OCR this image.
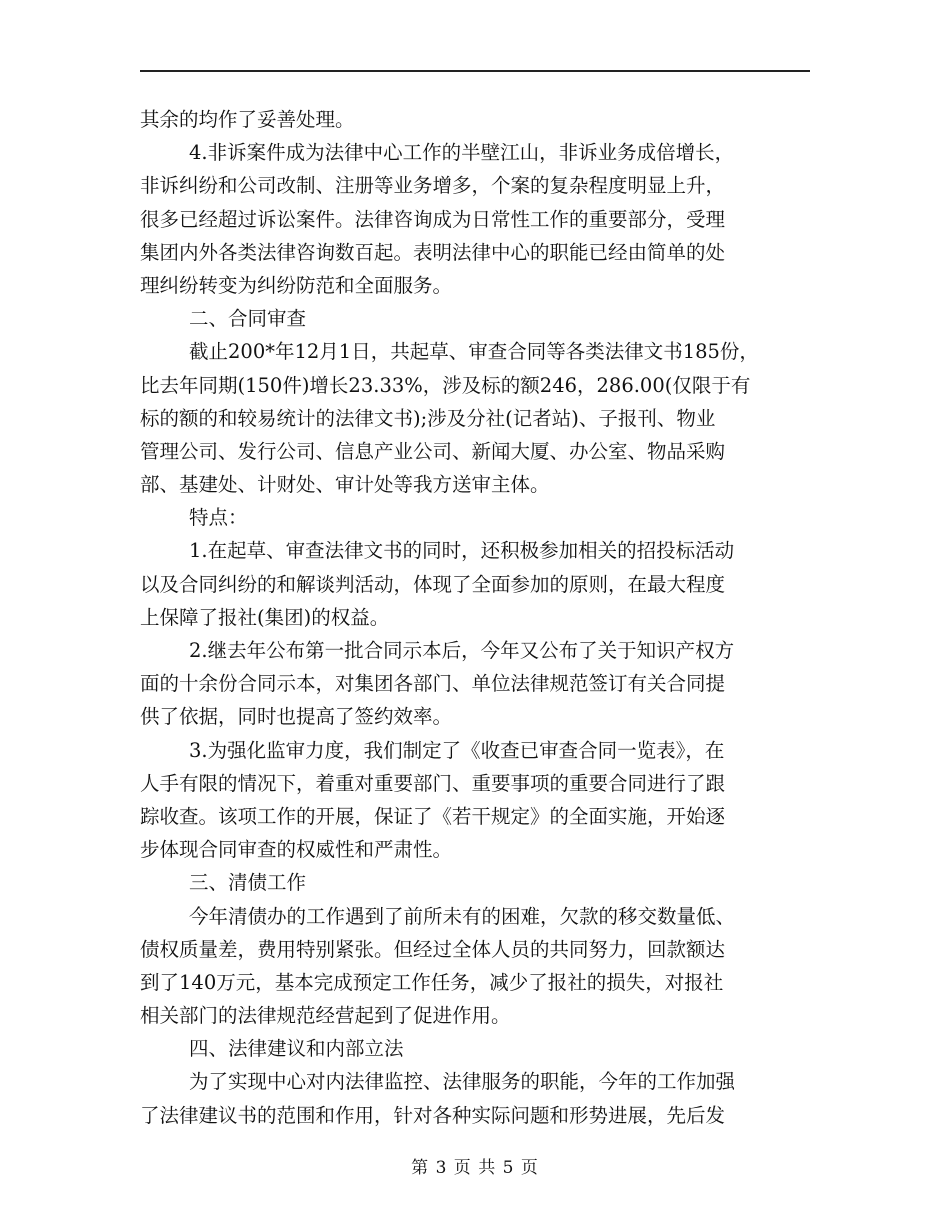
其余的均作了妥善处理。
4.非诉案件成为法律中心工作的半壁江山，非诉业务成倍增长，
非诉纠纷和公司改制、注册等业务增多，个案的复杂程度明显上升，
很多已经超过诉讼案件。法律咨询成为日常性工作的重要部分，受理
集团内外各类法律咨询数百起。表明法律中心的职能已经由简单的处
理纠纷转变为纠纷防范和全面服务。
二、合同审查
截止200*年12月1日，共起草、审查合同等各类法律文书185份，
比去年同期(150件)增长23.33%，涉及标的额246，286.00(仅限于有
标的额的和较易统计的法律文书);涉及分社(记者站)、子报刊、物业
管理公司、发行公司、信息产业公司、新闻大厦、办公室、物品采购
部、基建处、计财处、审计处等我方送审主体。
特点：
1.在起草、审查法律文书的同时，还积极参加相关的招投标活动
以及合同纠纷的和解谈判活动，体现了全面参加的原则，在最大程度
上保障了报社(集团)的权益。
2.继去年公布第一批合同示本后，今年又公布了关于知识产权方
面的十余份合同示本，对集团各部门、单位法律规范签订有关合同提
供了依据，同时也提高了签约效率。
3.为强化监审力度，我们制定了《收查已审查合同一览表》，在
人手有限的情况下，着重对重要部门、重要事项的重要合同进行了跟
踪收查。该项工作的开展，保证了《若干规定》的全面实施，开始逐
步体现合同审查的权威性和严肃性。
三、清债工作
今年清债办的工作遇到了前所未有的困难，欠款的移交数量低、
债权质量差，费用特别紧张。但经过全体人员的共同努力，回款额达
到了140万元，基本完成预定工作任务，减少了报社的损失，对报社
相关部门的法律规范经营起到了促进作用。
四、法律建议和内部立法
为了实现中心对内法律监控、法律服务的职能，今年的工作加强
了法律建议书的范围和作用，针对各种实际问题和形势进展，先后发
第 3 页 共 5 页
